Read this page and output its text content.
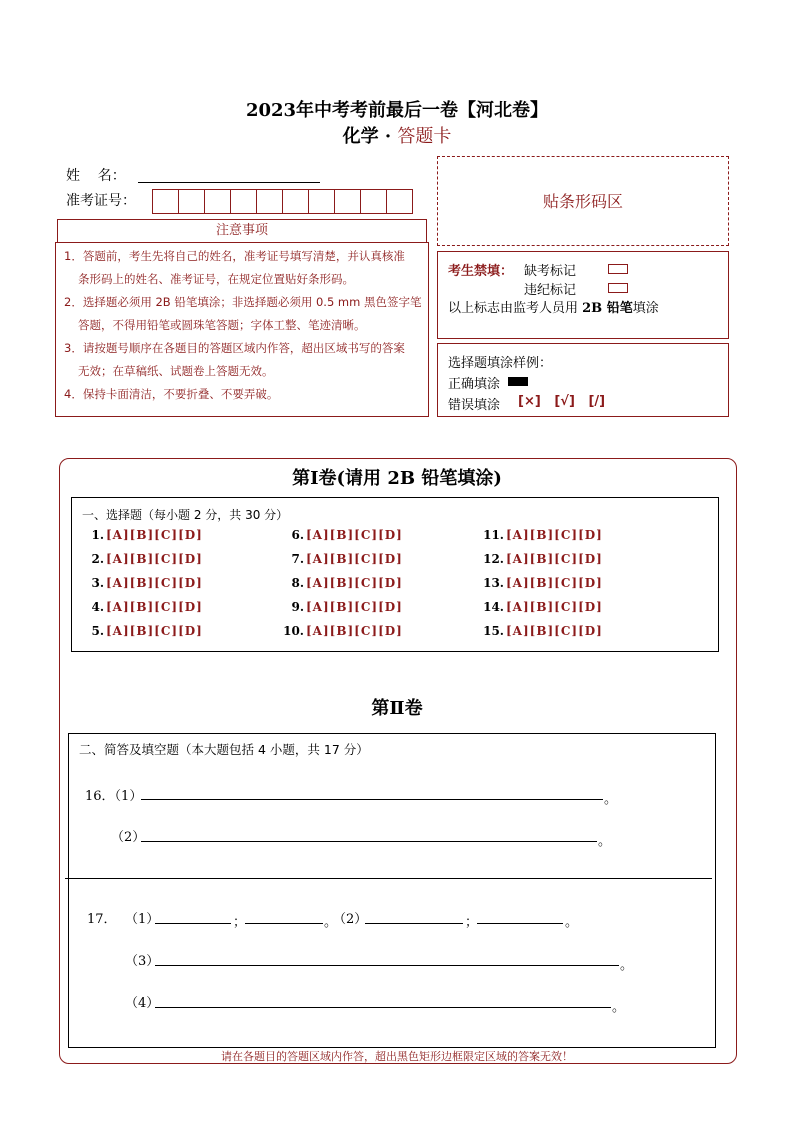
2023年中考考前最后一卷【河北卷】
化学 · 答题卡
姓    名：
准考证号：	贴条形码区
注意事项

1．答题前，考生先将自己的姓名，准考证号填写清楚，并认真核准

条形码上的姓名、准考证号，在规定位置贴好条形码。

2．选择题必须用 2B 铅笔填涂；非选择题必须用 0.5 mm 黑色签字笔

答题，不得用铅笔或圆珠笔答题；字体工整、笔迹清晰。

3．请按题号顺序在各题目的答题区域内作答，超出区域书写的答案

无效；在草稿纸、试题卷上答题无效。

4．保持卡面清洁，不要折叠、不要弄破。

考生禁填： 缺考标记
违纪标记
以上标志由监考人员用 2B 铅笔填涂
选择题填涂样例：
正确填涂
错误填涂 [×]   [√]   [/]
第Ⅰ卷(请用 2B 铅笔填涂)
一、选择题（每小题 2 分，共 30 分）
1. [A][B][C][D]
2. [A][B][C][D]
3. [A][B][C][D]
4. [A][B][C][D]
5. [A][B][C][D]
6. [A][B][C][D]
7. [A][B][C][D]
8. [A][B][C][D]
9. [A][B][C][D]
10. [A][B][C][D]
11. [A][B][C][D]
12. [A][B][C][D]
13. [A][B][C][D]
14. [A][B][C][D]
15. [A][B][C][D]
第Ⅱ卷
二、简答及填空题（本大题包括 4 小题，共 17 分）
16．（1）	。
（2）	。
17． （1）	；	。
（2）	；	。
（3）	。
（4）	。
请在各题目的答题区域内作答，超出黑色矩形边框限定区域的答案无效！
